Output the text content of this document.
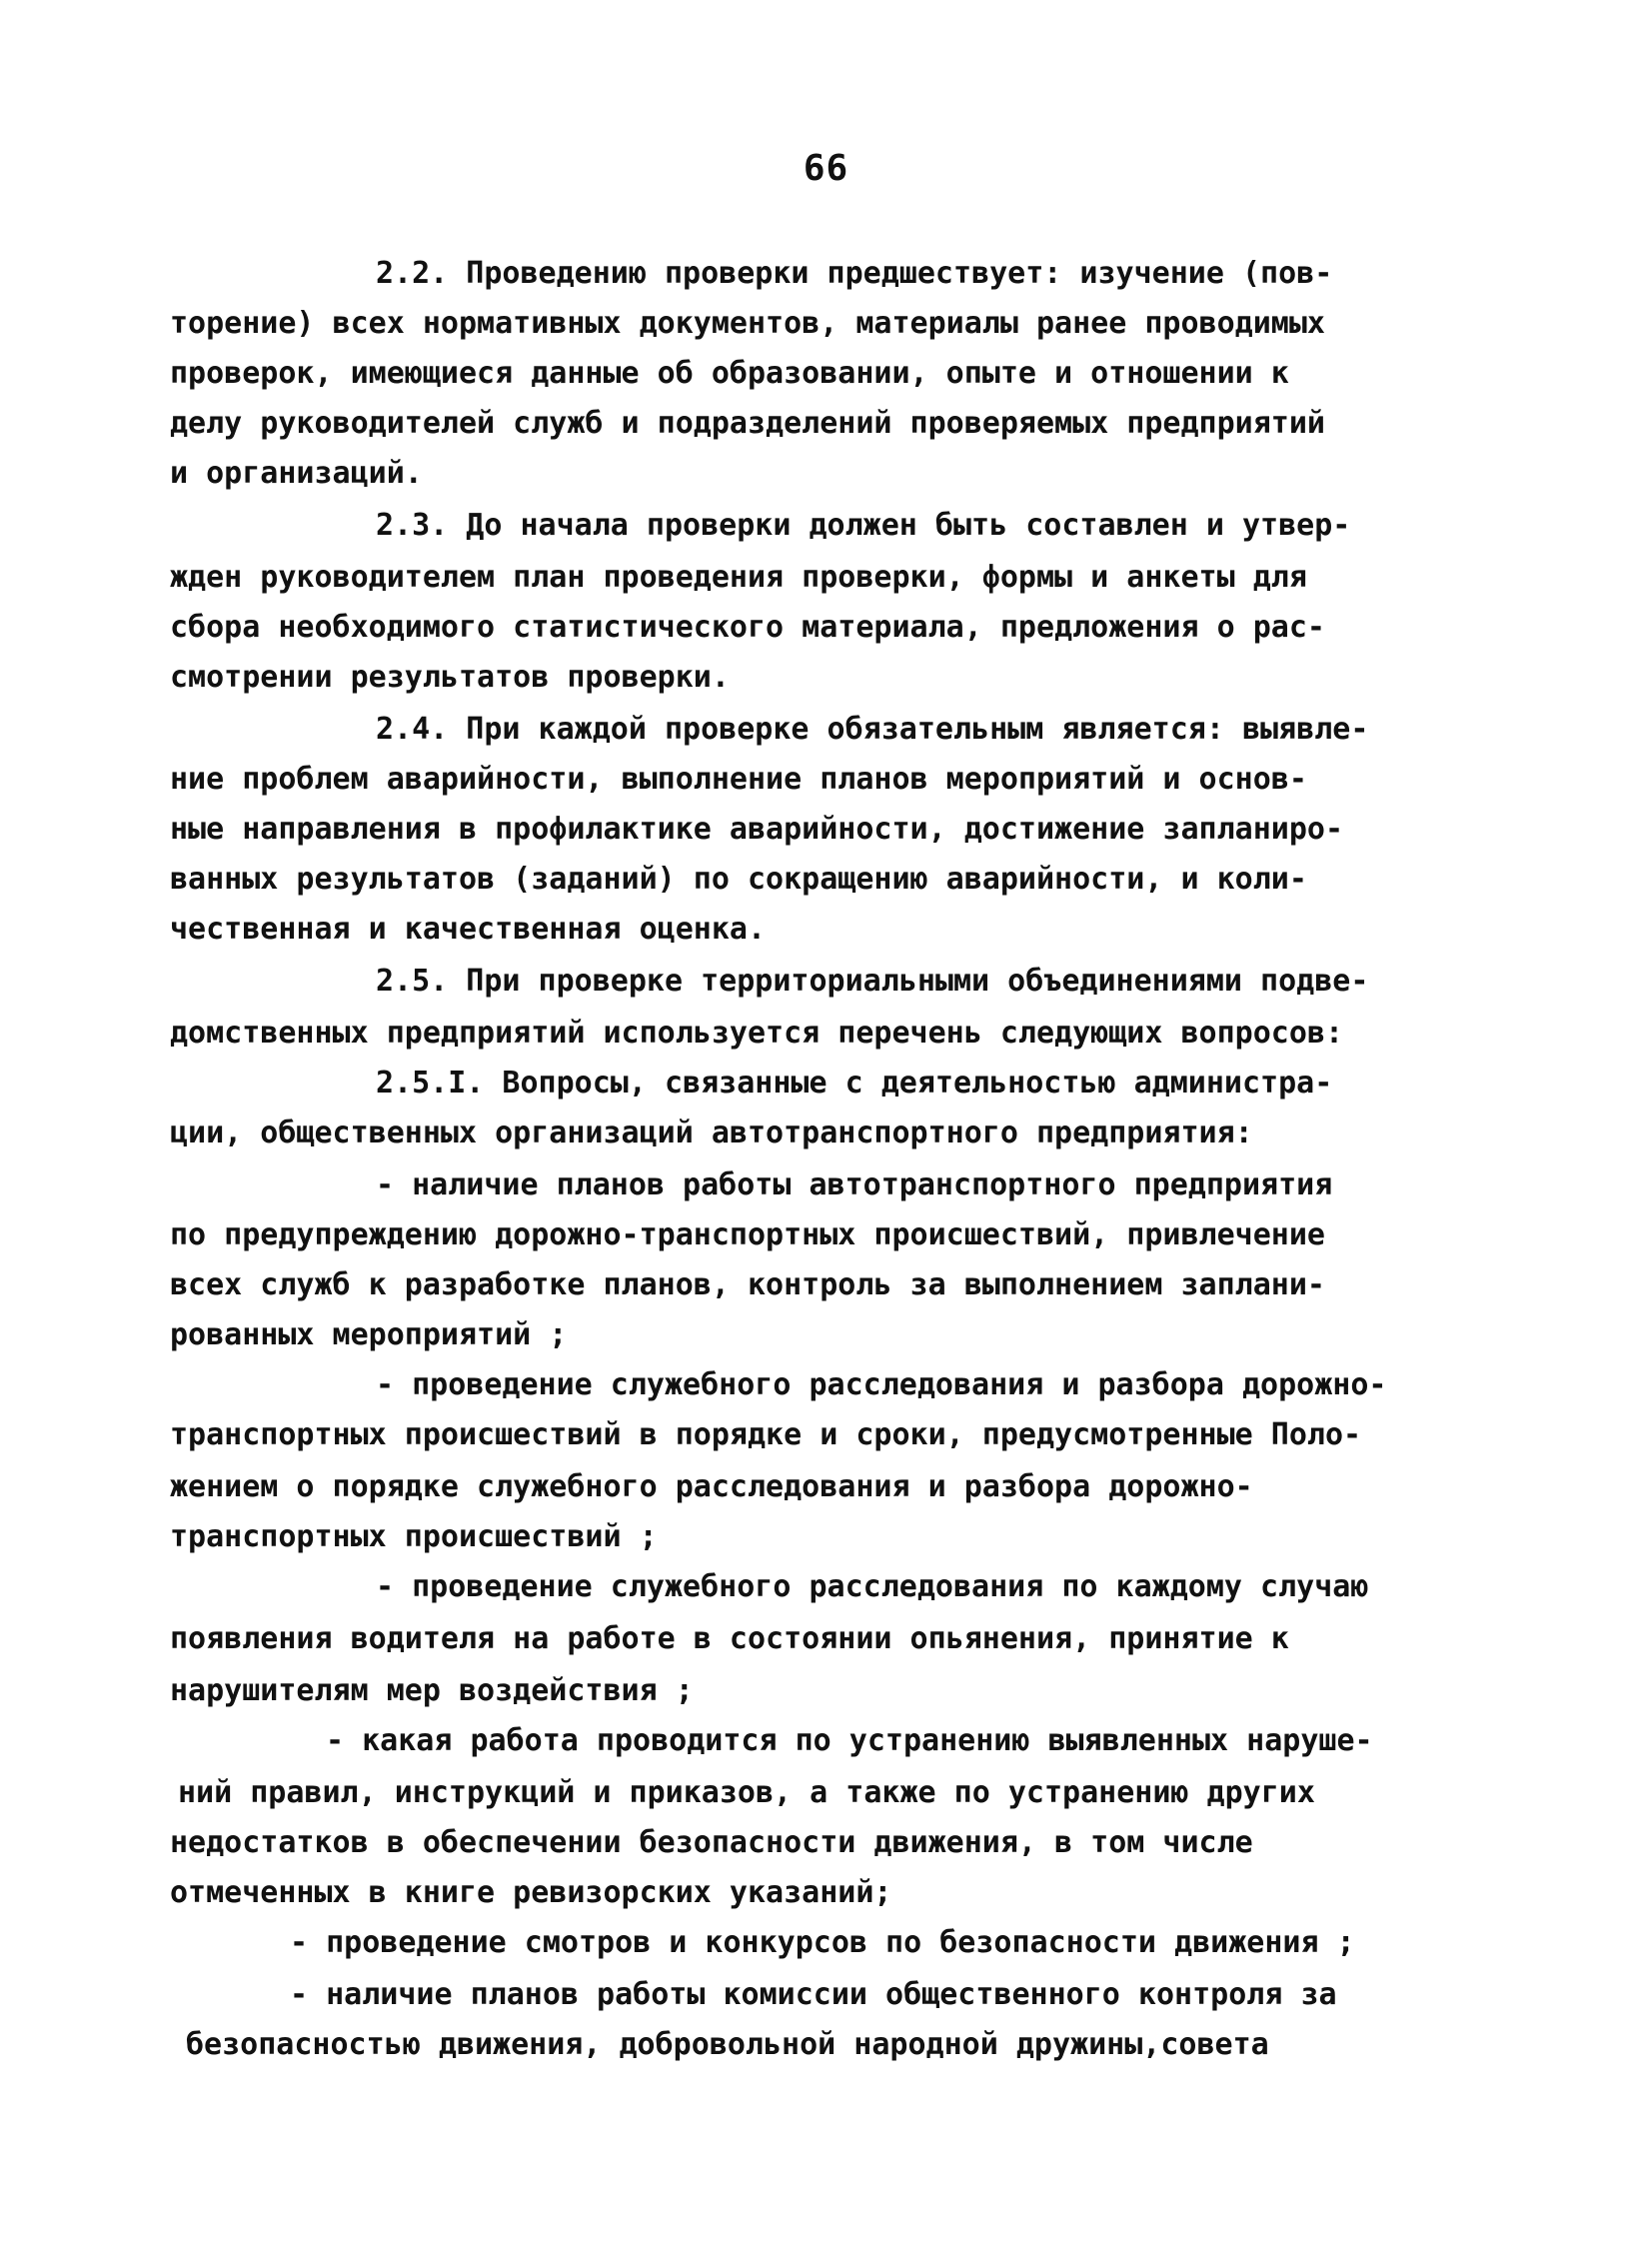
66
2.2. Проведению проверки предшествует: изучение (пов-
торение) всех нормативных документов, материалы ранее проводимых
проверок, имеющиеся данные об образовании, опыте и отношении к
делу руководителей служб и подразделений проверяемых предприятий
и организаций.
2.3. До начала проверки должен быть составлен и утвер-
жден руководителем план проведения проверки, формы и анкеты для
сбора необходимого статистического материала, предложения о рас-
смотрении результатов проверки.
2.4. При каждой проверке обязательным является: выявле-
ние проблем аварийности, выполнение планов мероприятий и основ-
ные направления в профилактике аварийности, достижение запланиро-
ванных результатов (заданий) по сокращению аварийности, и коли-
чественная и качественная оценка.
2.5. При проверке территориальными объединениями подве-
домственных предприятий используется перечень следующих вопросов:
2.5.I. Вопросы, связанные с деятельностью администра-
ции, общественных организаций автотранспортного предприятия:
- наличие планов работы автотранспортного предприятия
по предупреждению дорожно-транспортных происшествий, привлечение
всех служб к разработке планов, контроль за выполнением заплани-
рованных мероприятий ;
- проведение служебного расследования и разбора дорожно-
транспортных происшествий в порядке и сроки, предусмотренные Поло-
жением о порядке служебного расследования и разбора дорожно-
транспортных происшествий ;
- проведение служебного расследования по каждому случаю
появления водителя на работе в состоянии опьянения, принятие к
нарушителям мер воздействия ;
- какая работа проводится по устранению выявленных наруше-
ний правил, инструкций и приказов, а также по устранению других
недостатков в обеспечении безопасности движения, в том числе
отмеченных в книге ревизорских указаний;
- проведение смотров и конкурсов по безопасности движения ;
- наличие планов работы комиссии общественного контроля за
безопасностью движения, добровольной народной дружины,совета
